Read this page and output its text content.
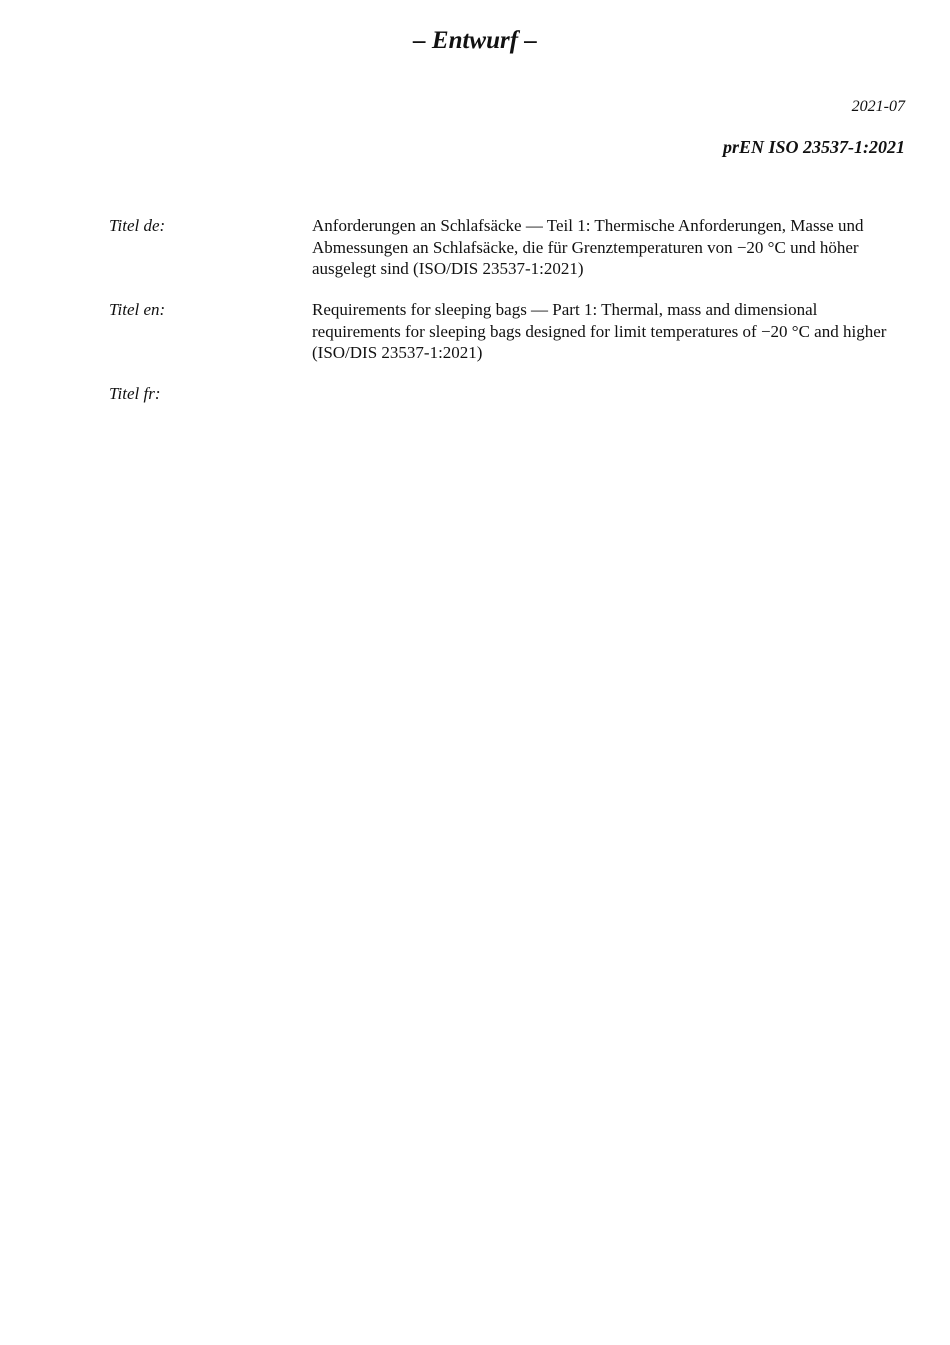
– Entwurf –
2021-07
prEN ISO 23537-1:2021
Titel de:	Anforderungen an Schlafsäcke — Teil 1: Thermische Anforderungen, Masse und Abmessungen an Schlafsäcke, die für Grenztemperaturen von −20 °C und höher ausgelegt sind (ISO/DIS 23537-1:2021)
Titel en:	Requirements for sleeping bags — Part 1: Thermal, mass and dimensional requirements for sleeping bags designed for limit temperatures of −20 °C and higher (ISO/DIS 23537-1:2021)
Titel fr:
